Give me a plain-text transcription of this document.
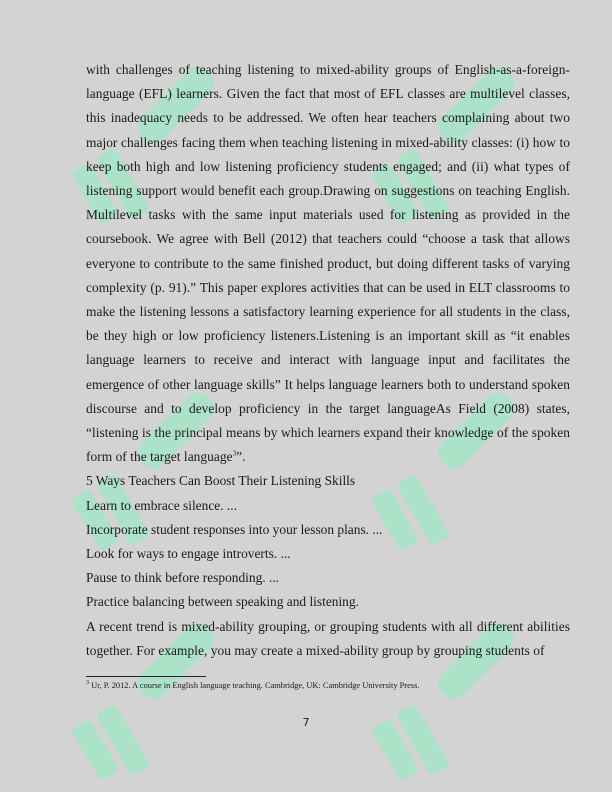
with challenges of teaching listening to mixed-ability groups of English-as-a-foreign-language (EFL) learners. Given the fact that most of EFL classes are multilevel classes, this inadequacy needs to be addressed. We often hear teachers complaining about two major challenges facing them when teaching listening in mixed-ability classes: (i) how to keep both high and low listening proficiency students engaged; and (ii) what types of listening support would benefit each group.Drawing on suggestions on teaching English. Multilevel tasks with the same input materials used for listening as provided in the coursebook. We agree with Bell (2012) that teachers could “choose a task that allows everyone to contribute to the same finished product, but doing different tasks of varying complexity (p. 91).” This paper explores activities that can be used in ELT classrooms to make the listening lessons a satisfactory learning experience for all students in the class, be they high or low proficiency listeners.Listening is an important skill as “it enables language learners to receive and interact with language input and facilitates the emergence of other language skills” It helps language learners both to understand spoken discourse and to develop proficiency in the target languageAs Field (2008) states, “listening is the principal means by which learners expand their knowledge of the spoken form of the target language$^3$”.

5 Ways Teachers Can Boost Their Listening Skills

Learn to embrace silence. ...

Incorporate student responses into your lesson plans. ...

Look for ways to engage introverts. ...

Pause to think before responding. ...

Practice balancing between speaking and listening.

A recent trend is mixed-ability grouping, or grouping students with all different abilities together. For example, you may create a mixed-ability group by grouping students of

$^3$ Ur, P. 2012. A course in English language teaching. Cambridge, UK: Cambridge University Press.
7
